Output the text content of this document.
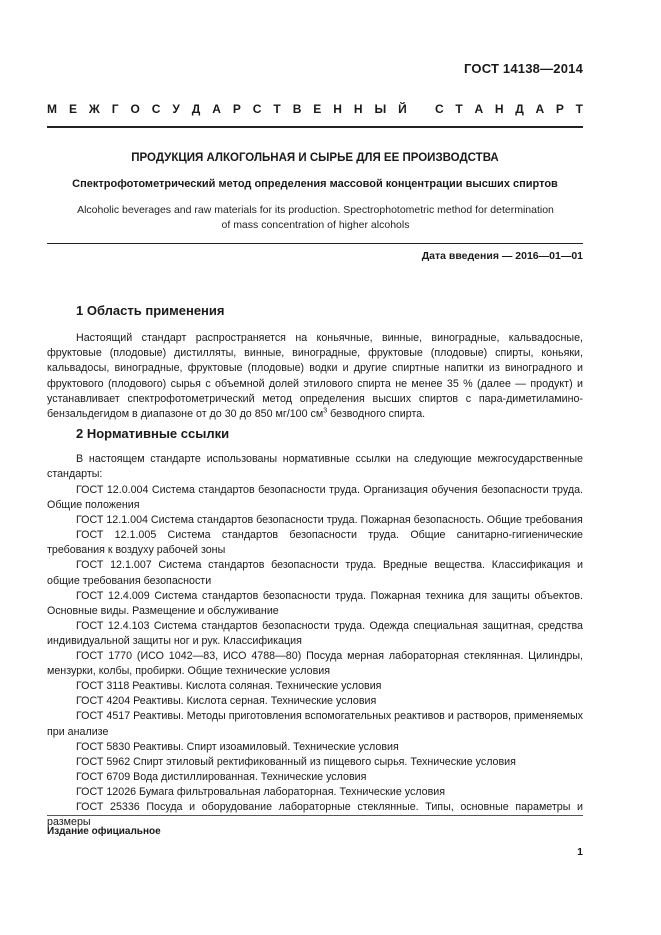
ГОСТ 14138—2014
М Е Ж Г О С У Д А Р С Т В Е Н Н Ы Й С Т А Н Д А Р Т
ПРОДУКЦИЯ АЛКОГОЛЬНАЯ И СЫРЬЕ ДЛЯ ЕЕ ПРОИЗВОДСТВА
Спектрофотометрический метод определения массовой концентрации высших спиртов
Alcoholic beverages and raw materials for its production. Spectrophotometric method for determination
of mass concentration of higher alcohols
Дата введения — 2016—01—01
1 Область применения
Настоящий стандарт распространяется на коньячные, винные, виноградные, кальвадосные, фруктовые (плодовые) дистилляты, винные, виноградные, фруктовые (плодовые) спирты, коньяки, кальвадосы, виноградные, фруктовые (плодовые) водки и другие спиртные напитки из виноградного и фруктового (плодового) сырья с объемной долей этилового спирта не менее 35 % (далее — продукт) и устанавливает спектрофотометрический метод определения высших спиртов с пара-диметиламино-бензальдегидом в диапазоне от до 30 до 850 мг/100 $см^3$ безводного спирта.
2 Нормативные ссылки
В настоящем стандарте использованы нормативные ссылки на следующие межгосударственные стандарты:

ГОСТ 12.0.004 Система стандартов безопасности труда. Организация обучения безопасности труда. Общие положения

ГОСТ 12.1.004 Система стандартов безопасности труда. Пожарная безопасность. Общие требования

ГОСТ 12.1.005 Система стандартов безопасности труда. Общие санитарно-гигиенические требования к воздуху рабочей зоны

ГОСТ 12.1.007 Система стандартов безопасности труда. Вредные вещества. Классификация и общие требования безопасности

ГОСТ 12.4.009 Система стандартов безопасности труда. Пожарная техника для защиты объектов. Основные виды. Размещение и обслуживание

ГОСТ 12.4.103 Система стандартов безопасности труда. Одежда специальная защитная, средства индивидуальной защиты ног и рук. Классификация

ГОСТ 1770 (ИСО 1042—83, ИСО 4788—80) Посуда мерная лабораторная стеклянная. Цилиндры, мензурки, колбы, пробирки. Общие технические условия

ГОСТ 3118 Реактивы. Кислота соляная. Технические условия

ГОСТ 4204 Реактивы. Кислота серная. Технические условия

ГОСТ 4517 Реактивы. Методы приготовления вспомогательных реактивов и растворов, применяемых при анализе

ГОСТ 5830 Реактивы. Спирт изоамиловый. Технические условия

ГОСТ 5962 Спирт этиловый ректификованный из пищевого сырья. Технические условия

ГОСТ 6709 Вода дистиллированная. Технические условия

ГОСТ 12026 Бумага фильтровальная лабораторная. Технические условия

ГОСТ 25336 Посуда и оборудование лабораторные стеклянные. Типы, основные параметры и размеры

Издание официальное
1
